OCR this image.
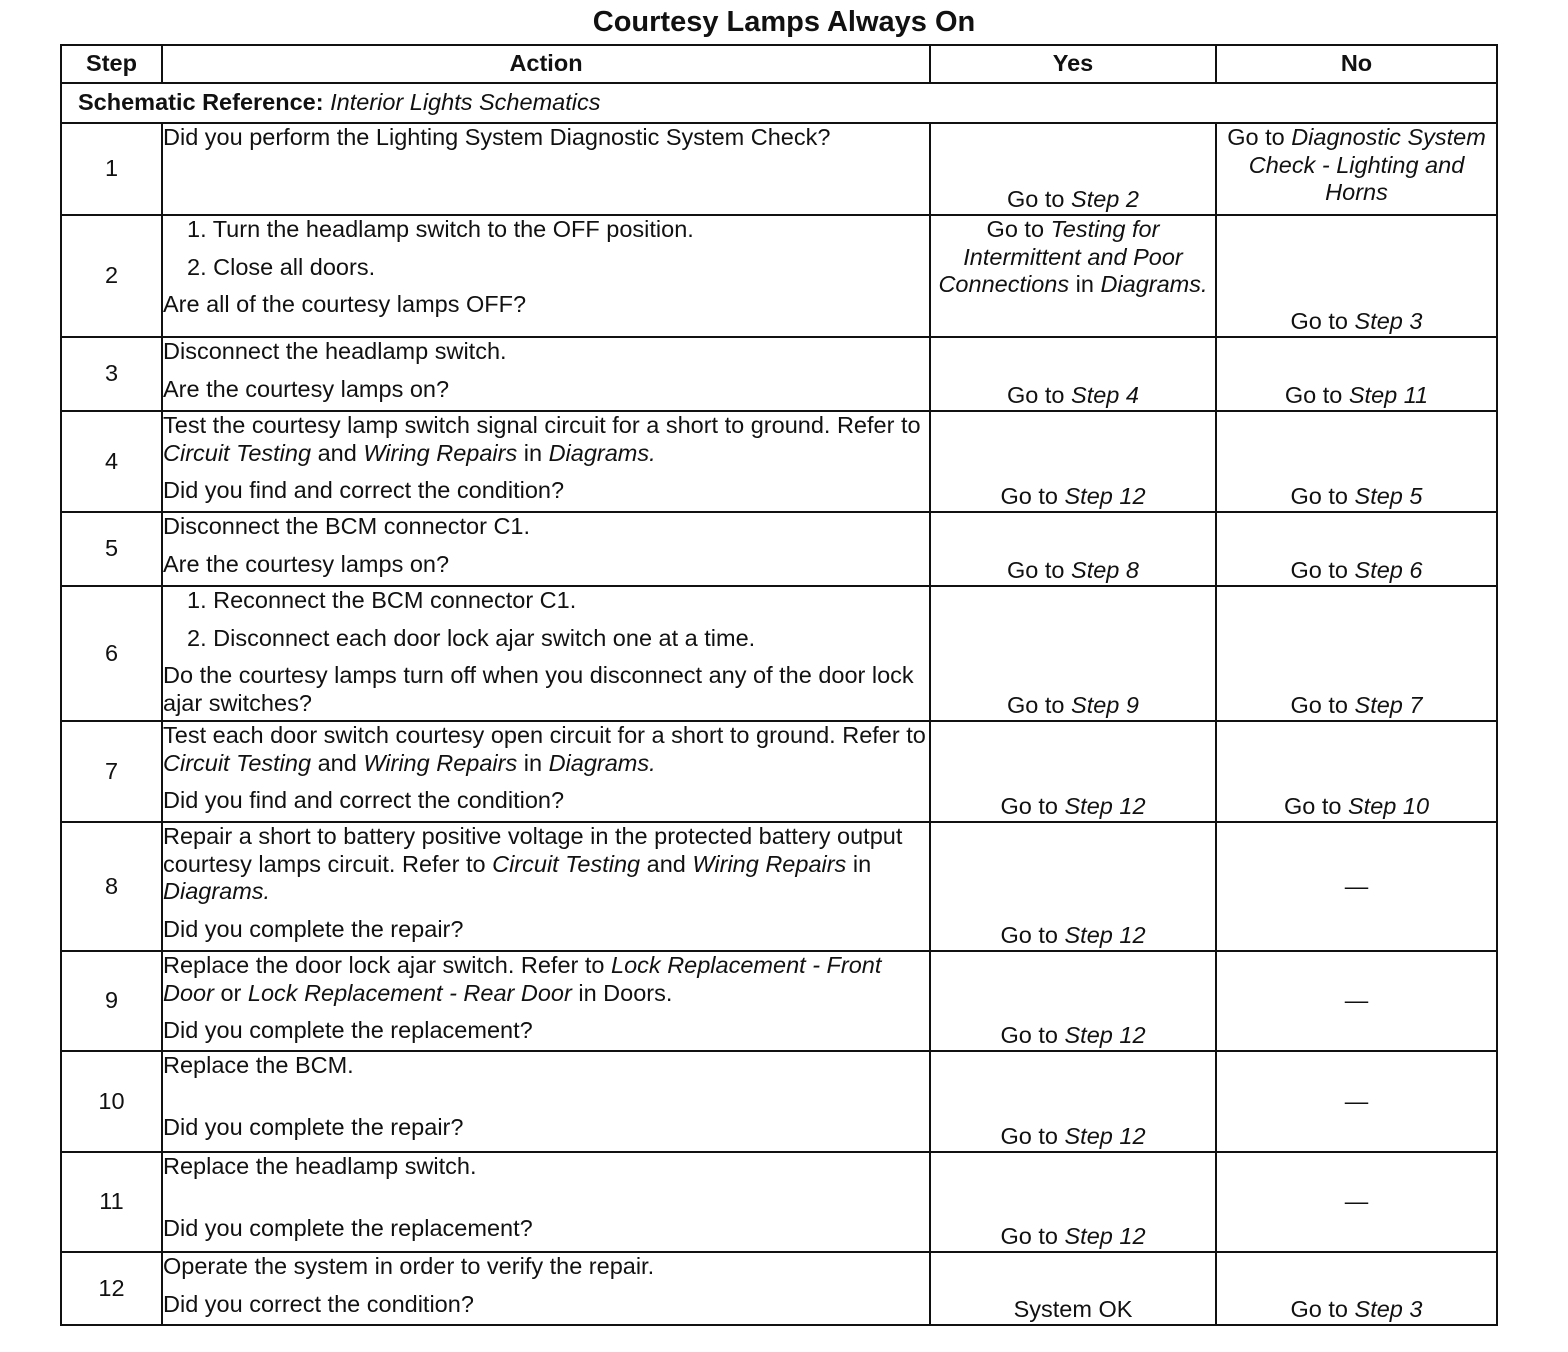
Courtesy Lamps Always On
Step	Action	Yes	No
Schematic Reference: Interior Lights Schematics			
1	Did you perform the Lighting System Diagnostic System Check?	Go to Step 2	Go to Diagnostic System Check - Lighting and Horns
2	1. Turn the headlamp switch to the OFF position.
2. Close all doors.
Are all of the courtesy lamps OFF?	Go to Testing for Intermittent and Poor Connections in Diagrams.	Go to Step 3
3	Disconnect the headlamp switch.
Are the courtesy lamps on?	Go to Step 4	Go to Step 11
4	Test the courtesy lamp switch signal circuit for a short to ground. Refer to Circuit Testing and Wiring Repairs in Diagrams.
Did you find and correct the condition?	Go to Step 12	Go to Step 5
5	Disconnect the BCM connector C1.
Are the courtesy lamps on?	Go to Step 8	Go to Step 6
6	1. Reconnect the BCM connector C1.
2. Disconnect each door lock ajar switch one at a time.
Do the courtesy lamps turn off when you disconnect any of the door lock ajar switches?	Go to Step 9	Go to Step 7
7	Test each door switch courtesy open circuit for a short to ground. Refer to Circuit Testing and Wiring Repairs in Diagrams.
Did you find and correct the condition?	Go to Step 12	Go to Step 10
8	Repair a short to battery positive voltage in the protected battery output courtesy lamps circuit. Refer to Circuit Testing and Wiring Repairs in Diagrams.
Did you complete the repair?	Go to Step 12	—
9	Replace the door lock ajar switch. Refer to Lock Replacement - Front Door or Lock Replacement - Rear Door in Doors.
Did you complete the replacement?	Go to Step 12	—
10	Replace the BCM.
Did you complete the repair?	Go to Step 12	—
11	Replace the headlamp switch.
Did you complete the replacement?	Go to Step 12	—
12	Operate the system in order to verify the repair.
Did you correct the condition?	System OK	Go to Step 3
